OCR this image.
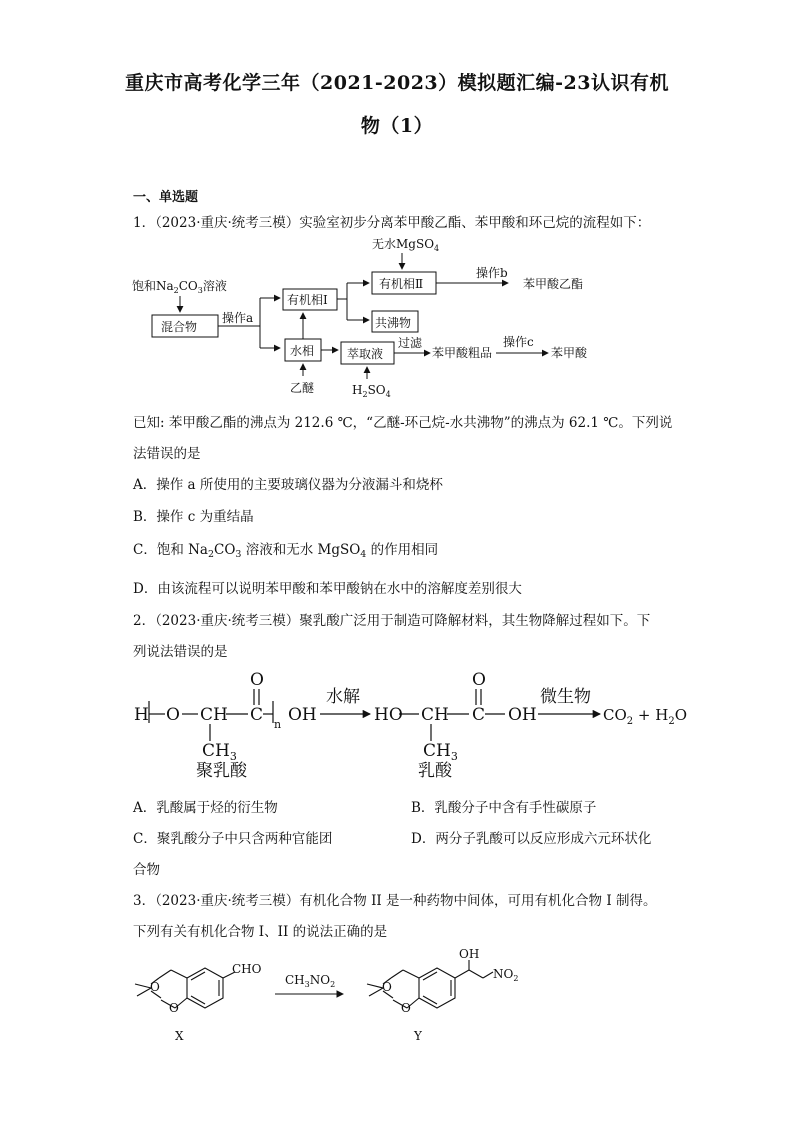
重庆市高考化学三年（2021-2023）模拟题汇编-23认识有机
物（1）
一、单选题
1．（2023·重庆·统考三模）实验室初步分离苯甲酸乙酯、苯甲酸和环己烷的流程如下：
无水MgSO$_4$
有机相Ⅱ
操作b
苯甲酸乙酯
饱和$Na_2CO_3$溶液
混合物
操作a
有机相Ⅰ
共沸物
水相
乙醚
萃取液
$H_2SO_4$
过滤
苯甲酸粗品
操作c
苯甲酸
已知: 苯甲酸乙酯的沸点为 212.6 ℃，“乙醚-环己烷-水共沸物”的沸点为 62.1 ℃。下列说
法错误的是
A．操作 a 所使用的主要玻璃仪器为分液漏斗和烧杯
B．操作 c 为重结晶
C．饱和 $Na_2CO_3$ 溶液和无水 MgSO$_4$ 的作用相同
D．由该流程可以说明苯甲酸和苯甲酸钠在水中的溶解度差别很大
2．（2023·重庆·统考三模）聚乳酸广泛用于制造可降解材料，其生物降解过程如下。下
列说法错误的是
H O CH
$CH_3$
C
O
n OH
聚乳酸
水解
HO CH
$CH_3$
C
O
OH
乳酸
微生物
$CO_2 + H_2O$
A．乳酸属于烃的衍生物	B．乳酸分子中含有手性碳原子
C．聚乳酸分子中只含两种官能团	D．两分子乳酸可以反应形成六元环状化
合物
3．（2023·重庆·统考三模）有机化合物 II 是一种药物中间体，可用有机化合物 I 制得。
下列有关有机化合物 I、II 的说法正确的是
O
O
CHO
$CH_3NO_2$	O
O
OH
$NO_2$
X	Y
